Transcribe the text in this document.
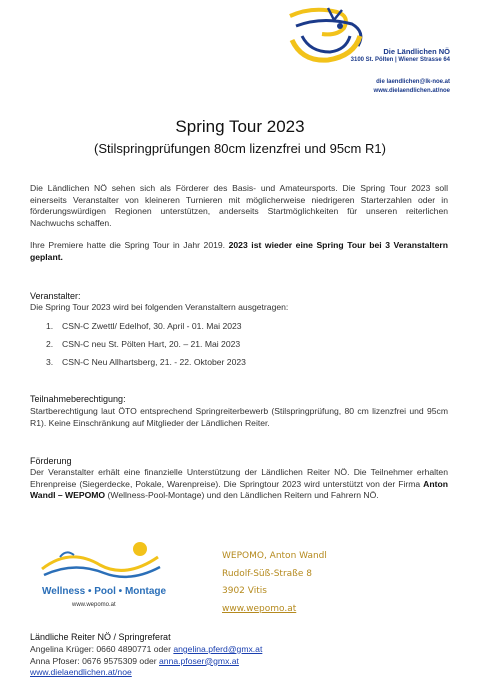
Die Ländlichen NÖ
3100 St. Pölten | Wiener Strasse 64
die laendlichen@lk-noe.at
www.dielaendlichen.at/noe
Spring Tour 2023
(Stilspringprüfungen 80cm lizenzfrei und 95cm R1)
Die Ländlichen NÖ sehen sich als Förderer des Basis- und Amateursports. Die Spring Tour 2023 soll einerseits Veranstalter von kleineren Turnieren mit möglicherweise niedrigeren Starterzahlen oder in förderungswürdigen Regionen unterstützen, anderseits Startmöglichkeiten für unseren reiterlichen Nachwuchs schaffen.
Ihre Premiere hatte die Spring Tour in Jahr 2019. 2023 ist wieder eine Spring Tour bei 3 Veranstaltern geplant.
Veranstalter:
Die Spring Tour 2023 wird bei folgenden Veranstaltern ausgetragen:
1. CSN-C Zwettl/ Edelhof, 30. April - 01. Mai 2023
2. CSN-C neu St. Pölten Hart, 20. – 21. Mai 2023
3. CSN-C Neu Allhartsberg, 21. - 22. Oktober 2023
Teilnahmeberechtigung:
Startberechtigung laut ÖTO entsprechend Springreiterbewerb (Stilspringprüfung, 80 cm lizenzfrei und 95cm R1). Keine Einschränkung auf Mitglieder der Ländlichen Reiter.
Förderung
Der Veranstalter erhält eine finanzielle Unterstützung der Ländlichen Reiter NÖ. Die Teilnehmer erhalten Ehrenpreise (Siegerdecke, Pokale, Warenpreise). Die Springtour 2023 wird unterstützt von der Firma Anton Wandl – WEPOMO (Wellness-Pool-Montage) und den Ländlichen Reitern und Fahrern NÖ.
Wellness • Pool • Montage
www.wepomo.at
WEPOMO, Anton Wandl
Rudolf-Süß-Straße 8
3902 Vitis
www.wepomo.at
Ländliche Reiter NÖ / Springreferat
Angelina Krüger: 0660 4890771 oder angelina.pferd@gmx.at
Anna Pfoser: 0676 9575309 oder anna.pfoser@gmx.at
www.dielaendlichen.at/noe
